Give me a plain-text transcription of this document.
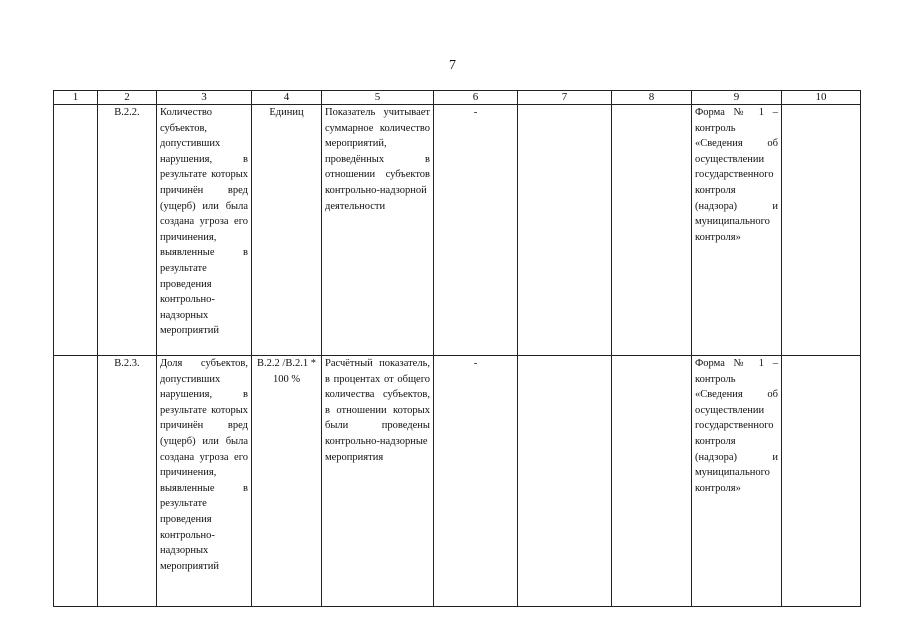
7
1	2	3	4	5	6	7	8	9	10
	В.2.2.	Количество субъектов, допустивших нарушения, в результате которых причинён вред (ущерб) или была создана угроза его причинения, выявленные в результате проведения контрольно-надзорных мероприятий	Единиц	Показатель учитывает суммарное количество мероприятий, проведённых в отношении субъектов контрольно-надзорной деятельности	-			Форма № 1 – контроль «Сведения об осуществлении государственного контроля (надзора) и муниципального контроля»	
	В.2.3.	Доля субъектов, допустивших нарушения, в результате которых причинён вред (ущерб) или была создана угроза его причинения, выявленные в результате проведения контрольно-надзорных мероприятий	В.2.2 /В.2.1 * 100 %	Расчётный показатель, в процентах от общего количества субъектов, в отношении которых были проведены контрольно-надзорные мероприятия	-			Форма № 1 – контроль «Сведения об осуществлении государственного контроля (надзора) и муниципального контроля»	
